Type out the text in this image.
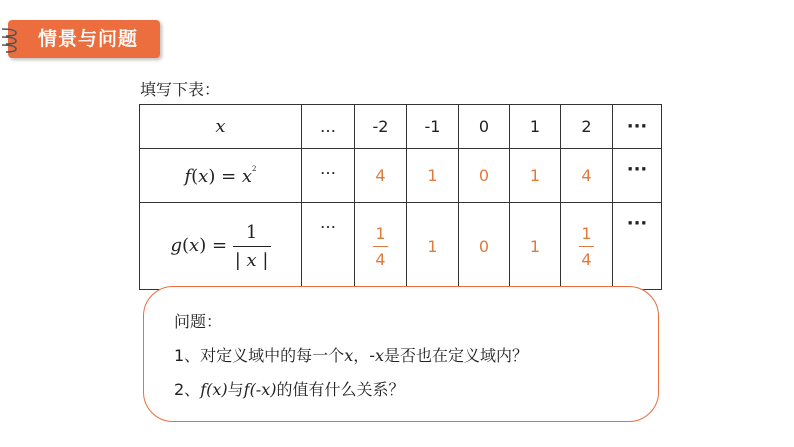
情景与问题
填写下表：
x	…	-2	-1	0	1	2	···
$f(x) = x^2$	…	4	1	0	1	4	···
$g(x) = \frac{1}{| x |}$	…	$\frac{1}{4}$	1	0	1	$\frac{1}{4}$	···
问题：
1、对定义域中的每一个x，-x是否也在定义域内？
2、f(x)与f(-x)的值有什么关系？
